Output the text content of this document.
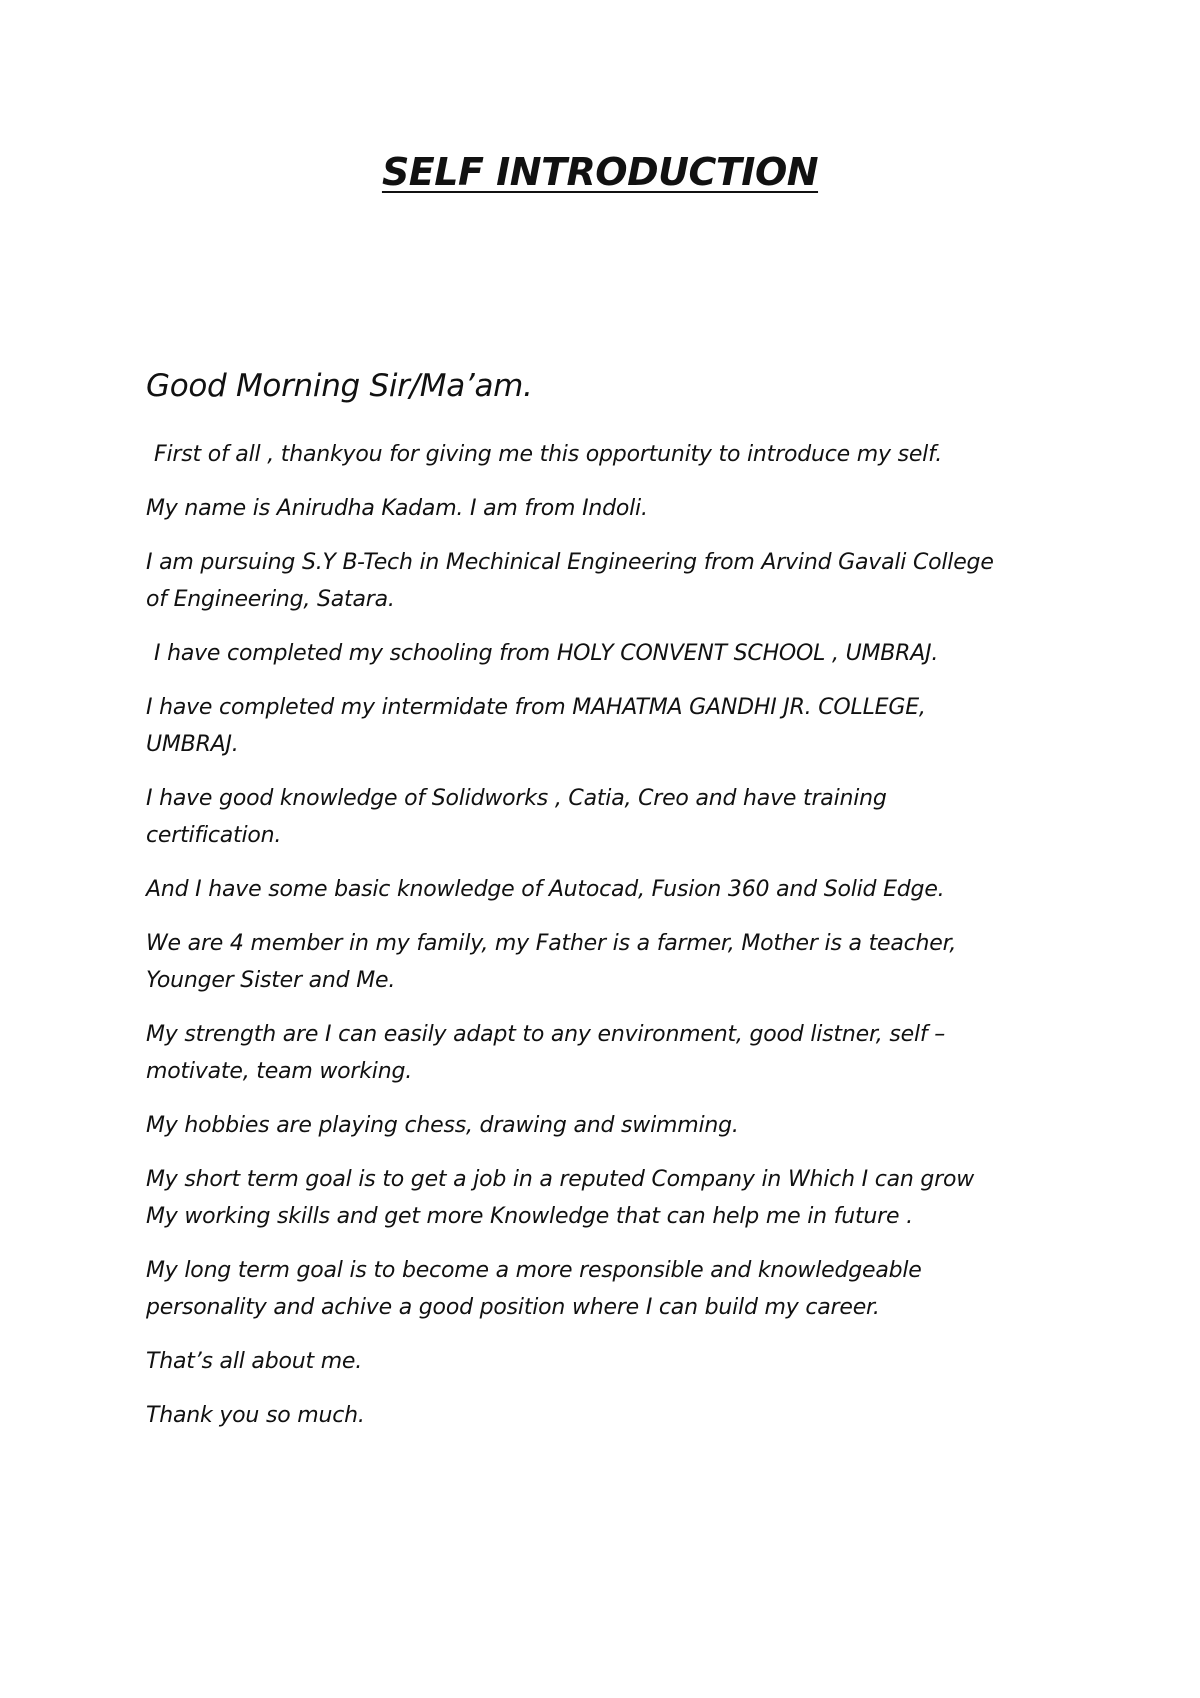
SELF INTRODUCTION

Good Morning Sir/Ma’am.

First of all , thankyou for giving me this opportunity to introduce my self.

My name is Anirudha Kadam. I am from Indoli.

I am pursuing S.Y B-Tech in Mechinical Engineering from Arvind Gavali College
of Engineering, Satara.

I have completed my schooling from HOLY CONVENT SCHOOL , UMBRAJ.

I have completed my intermidate from MAHATMA GANDHI JR. COLLEGE,
UMBRAJ.

I have good knowledge of Solidworks , Catia, Creo and have training
certification.

And I have some basic knowledge of Autocad, Fusion 360 and Solid Edge.

We are 4 member in my family, my Father is a farmer, Mother is a teacher,
Younger Sister and Me.

My strength are I can easily adapt to any environment, good listner, self –
motivate, team working.

My hobbies are playing chess, drawing and swimming.

My short term goal is to get a job in a reputed Company in Which I can grow
My working skills and get more Knowledge that can help me in future .

My long term goal is to become a more responsible and knowledgeable
personality and achive a good position where I can build my career.

That’s all about me.

Thank you so much.
